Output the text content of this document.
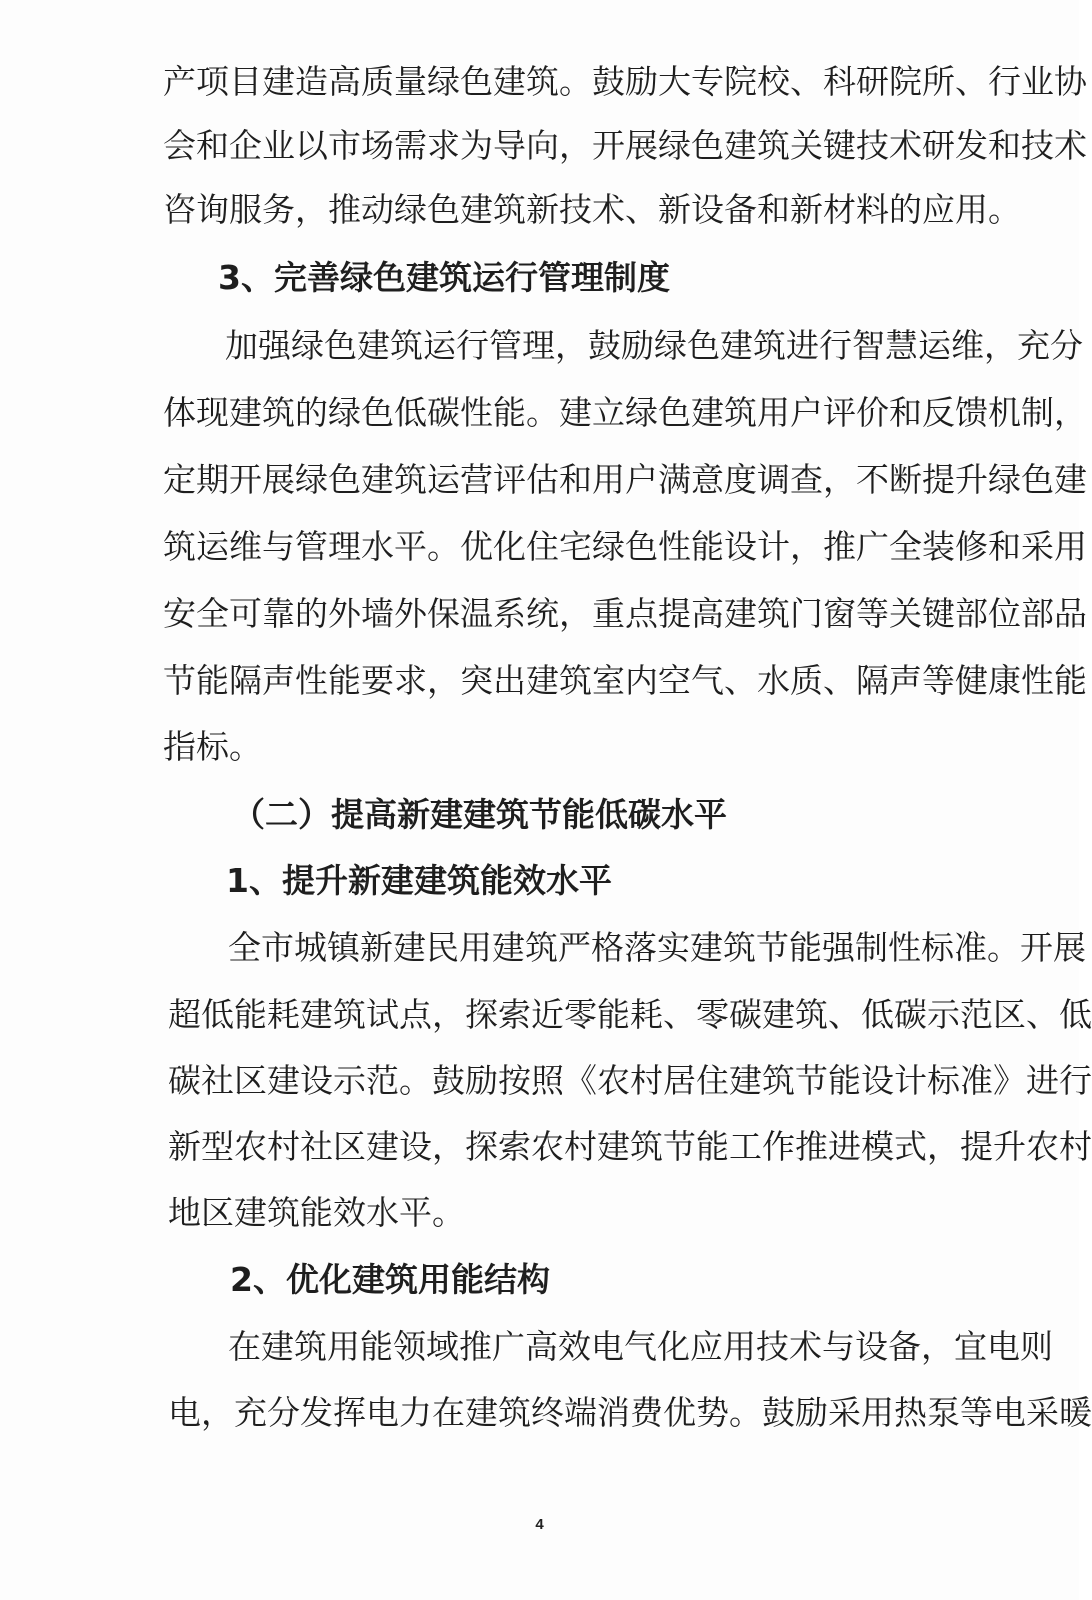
产项目建造高质量绿色建筑。鼓励大专院校、科研院所、行业协
会和企业以市场需求为导向，开展绿色建筑关键技术研发和技术
咨询服务，推动绿色建筑新技术、新设备和新材料的应用。
3、完善绿色建筑运行管理制度
加强绿色建筑运行管理，鼓励绿色建筑进行智慧运维，充分
体现建筑的绿色低碳性能。建立绿色建筑用户评价和反馈机制，
定期开展绿色建筑运营评估和用户满意度调查，不断提升绿色建
筑运维与管理水平。优化住宅绿色性能设计，推广全装修和采用
安全可靠的外墙外保温系统，重点提高建筑门窗等关键部位部品
节能隔声性能要求，突出建筑室内空气、水质、隔声等健康性能
指标。
（二）提高新建建筑节能低碳水平
1、提升新建建筑能效水平
全市城镇新建民用建筑严格落实建筑节能强制性标准。开展
超低能耗建筑试点，探索近零能耗、零碳建筑、低碳示范区、低
碳社区建设示范。鼓励按照《农村居住建筑节能设计标准》进行
新型农村社区建设，探索农村建筑节能工作推进模式，提升农村
地区建筑能效水平。
2、优化建筑用能结构
在建筑用能领域推广高效电气化应用技术与设备，宜电则
电，充分发挥电力在建筑终端消费优势。鼓励采用热泵等电采暖
4
